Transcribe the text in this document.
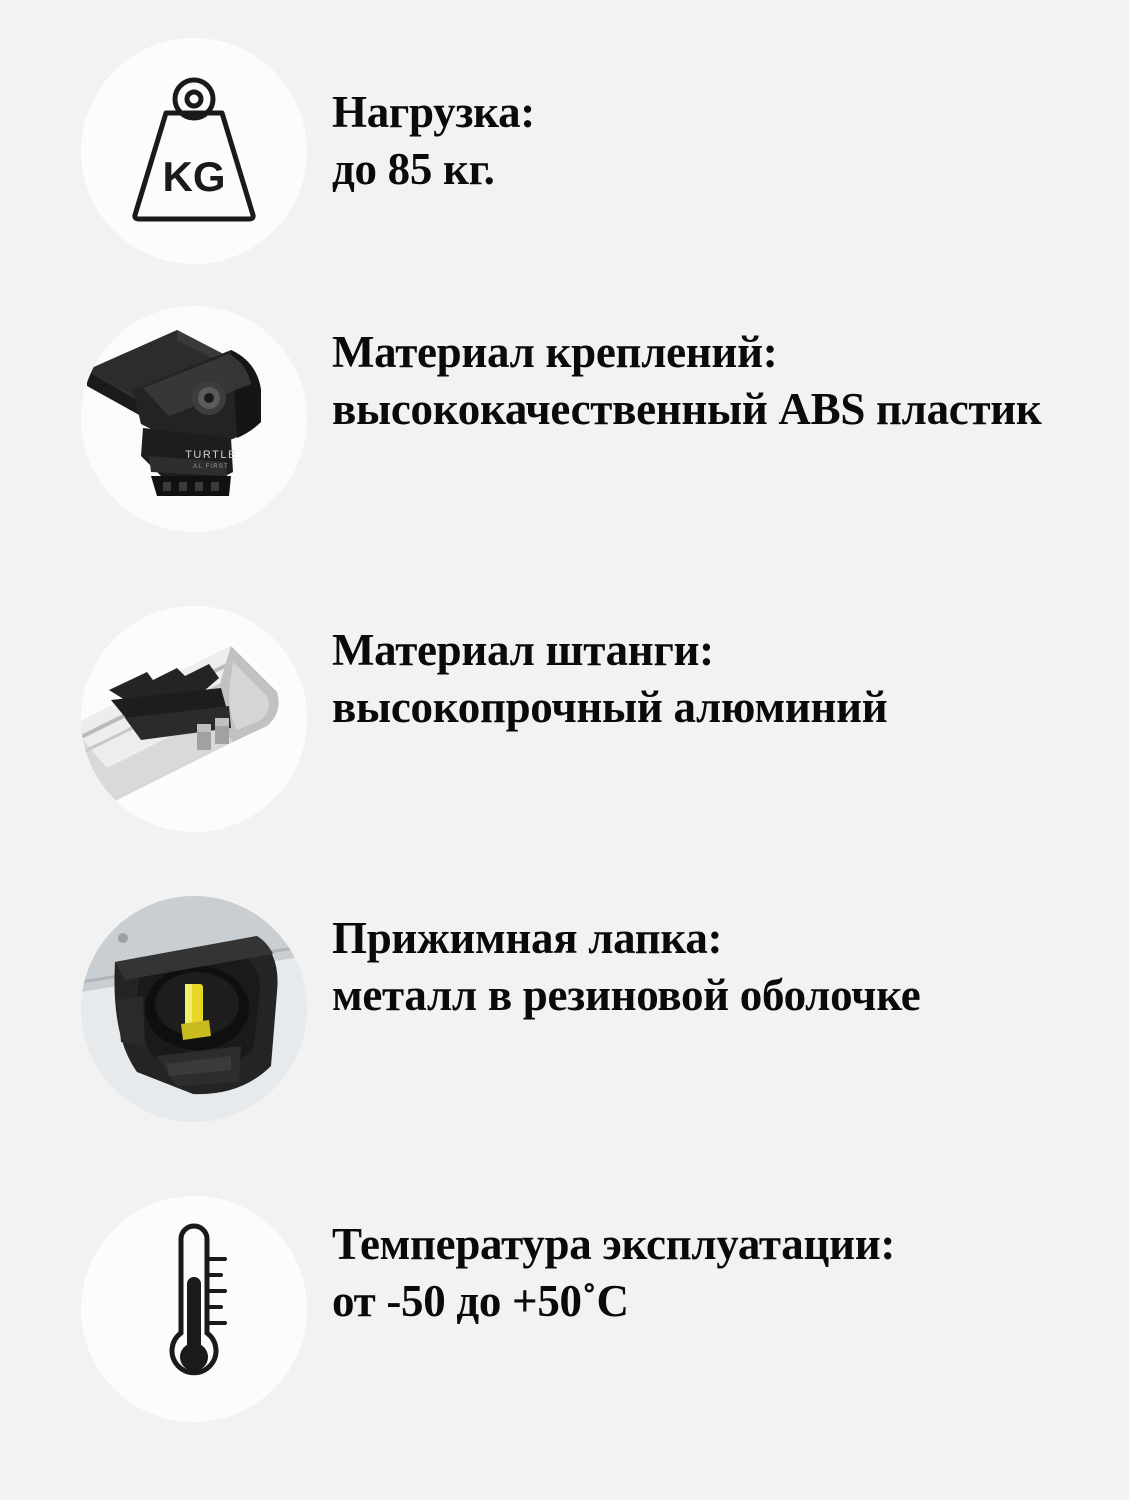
KG
Нагрузка:
до 85 кг.
TURTLE
AL FIRST
Материал креплений:
высококачественный ABS пластик
Материал штанги:
высокопрочный алюминий
Прижимная лапка:
металл в резиновой оболочке
Температура эксплуатации:
от -50 до +50˚C
